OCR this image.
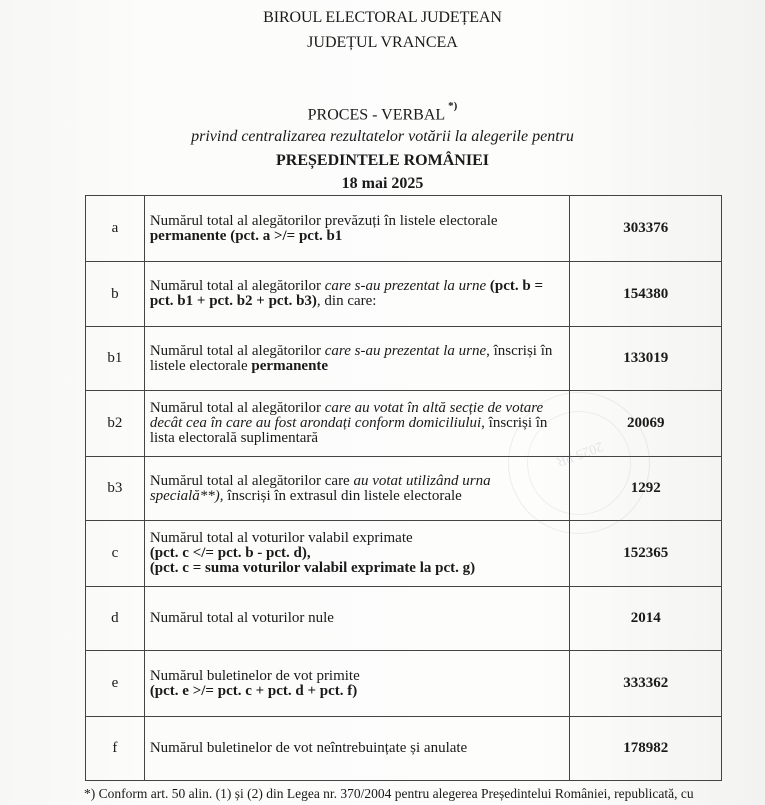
BIROUL ELECTORAL JUDEȚEAN
JUDEȚUL VRANCEA
PROCES - VERBAL*)
privind centralizarea rezultatelor votării la alegerile pentru
PREȘEDINTELE ROMÂNIEI
18 mai 2025
a	Numărul total al alegătorilor prevăzuți în listele electorale permanente (pct. a >/= pct. b1	303376
b	Numărul total al alegătorilor care s-au prezentat la urne (pct. b = pct. b1 + pct. b2 + pct. b3), din care:	154380
b1	Numărul total al alegătorilor care s-au prezentat la urne, înscriși în listele electorale permanente	133019
b2	Numărul total al alegătorilor care au votat în altă secție de votare decât cea în care au fost arondați conform domiciliului, înscriși în lista electorală suplimentară	20069
b3	Numărul total al alegătorilor care au votat utilizând urna specială**), înscriși în extrasul din listele electorale	1292
c	Numărul total al voturilor valabil exprimate
(pct. c </= pct. b - pct. d),
(pct. c = suma voturilor valabil exprimate la pct. g)	152365
d	Numărul total al voturilor nule	2014
e	Numărul buletinelor de vot primite
(pct. e >/= pct. c + pct. d + pct. f)	333362
f	Numărul buletinelor de vot neîntrebuințate și anulate	178982
*) Conform art. 50 alin. (1) și (2) din Legea nr. 370/2004 pentru alegerea Președintelui României, republicată, cu
